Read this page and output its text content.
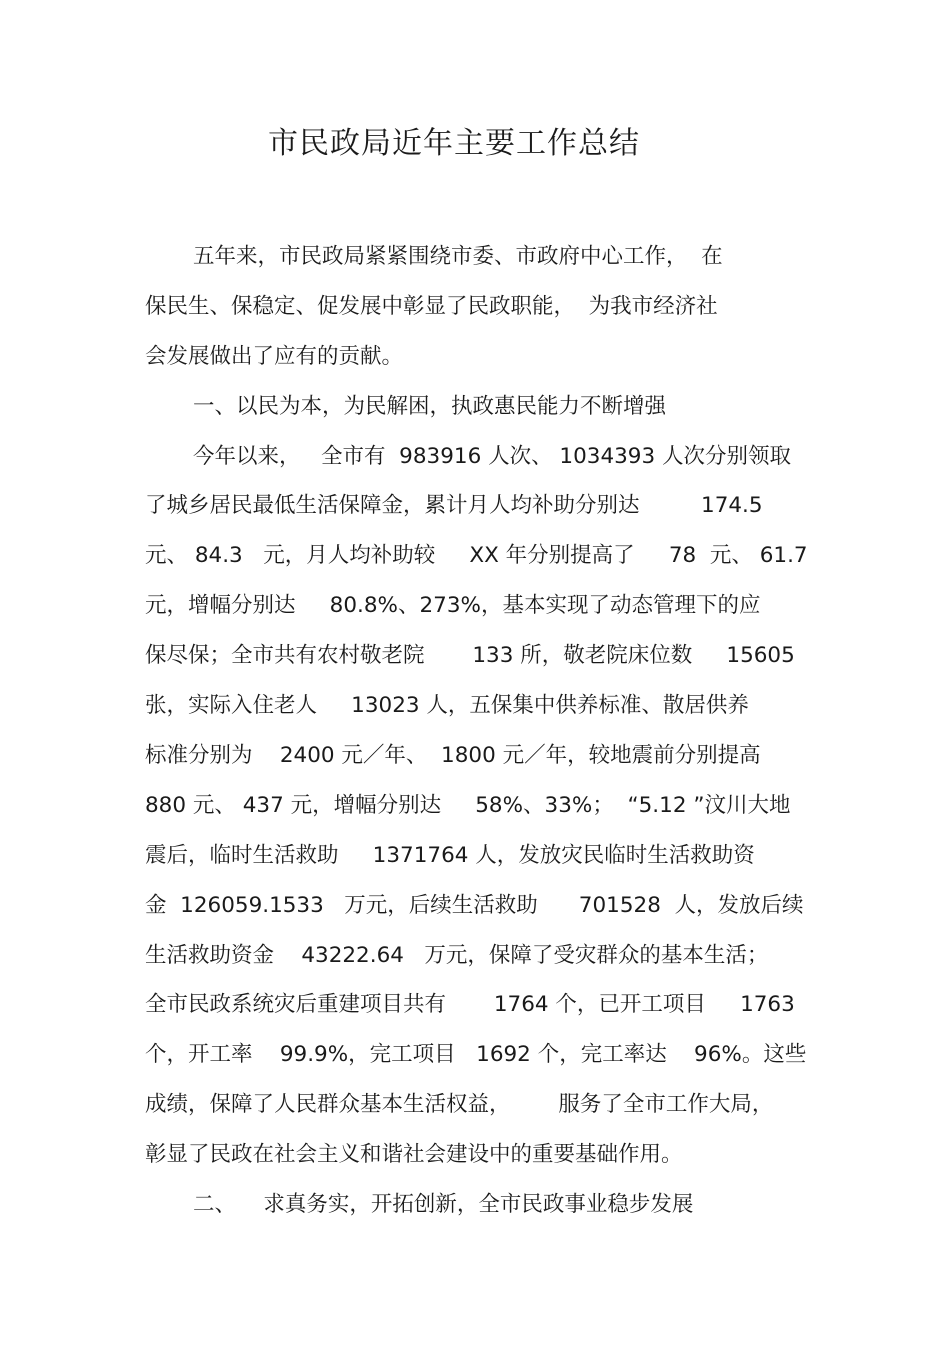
市民政局近年主要工作总结
五年来，市民政局紧紧围绕市委、市政府中心工作，  在
保民生、保稳定、促发展中彰显了民政职能，  为我市经济社
会发展做出了应有的贡献。
一、以民为本，为民解困，执政惠民能力不断增强
今年以来，   全市有  983916 人次、 1034393 人次分别领取
了城乡居民最低生活保障金，累计月人均补助分别达         174.5
元、 84.3   元，月人均补助较     XX 年分别提高了     78  元、 61.7
元，增幅分别达     80.8%、273%，基本实现了动态管理下的应
保尽保；全市共有农村敬老院       133 所，敬老院床位数     15605
张，实际入住老人     13023 人，五保集中供养标准、散居供养
标准分别为    2400 元／年、  1800 元／年，较地震前分别提高
880 元、 437 元，增幅分别达     58%、33%；  “5.12 ”汶川大地
震后，临时生活救助     1371764 人，发放灾民临时生活救助资
金  126059.1533   万元，后续生活救助      701528  人，发放后续
生活救助资金    43222.64   万元，保障了受灾群众的基本生活；
全市民政系统灾后重建项目共有       1764 个，已开工项目     1763
个，开工率    99.9%，完工项目   1692 个，完工率达    96%。这些
成绩，保障了人民群众基本生活权益，       服务了全市工作大局，
彰显了民政在社会主义和谐社会建设中的重要基础作用。
二、    求真务实，开拓创新，全市民政事业稳步发展
